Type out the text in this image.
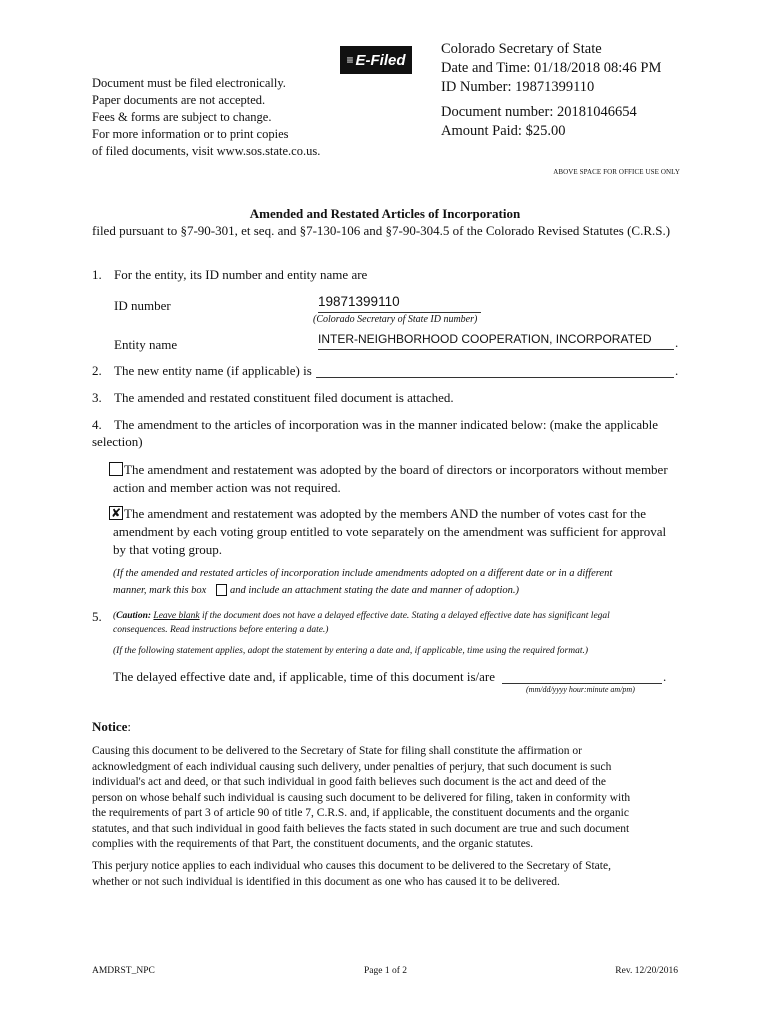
≡ E-Filed
Document must be filed electronically.
Paper documents are not accepted.
Fees & forms are subject to change.
For more information or to print copies
of filed documents, visit www.sos.state.co.us.
Colorado Secretary of State
Date and Time: 01/18/2018 08:46 PM
ID Number: 19871399110
Document number: 20181046654
Amount Paid: $25.00
ABOVE SPACE FOR OFFICE USE ONLY
Amended and Restated Articles of Incorporation
filed pursuant to §7-90-301, et seq. and §7-130-106 and §7-90-304.5 of the Colorado Revised Statutes (C.R.S.)
1. For the entity, its ID number and entity name are
ID number	19871399110
(Colorado Secretary of State ID number)
Entity name	INTER-NEIGHBORHOOD COOPERATION, INCORPORATED	.
2. The new entity name (if applicable) is	.
3. The amended and restated constituent filed document is attached.
4. The amendment to the articles of incorporation was in the manner indicated below: (make the applicable
selection)
The amendment and restatement was adopted by the board of directors or incorporators without member
action and member action was not required.
✘ The amendment and restatement was adopted by the members AND the number of votes cast for the
amendment by each voting group entitled to vote separately on the amendment was sufficient for approval
by that voting group.
(If the amended and restated articles of incorporation include amendments adopted on a different date or in a different
manner, mark this box and include an attachment stating the date and manner of adoption.)
5. (Caution: Leave blank if the document does not have a delayed effective date. Stating a delayed effective date has significant legal
consequences. Read instructions before entering a date.)
(If the following statement applies, adopt the statement by entering a date and, if applicable, time using the required format.)
The delayed effective date and, if applicable, time of this document is/are	.
(mm/dd/yyyy hour:minute am/pm)
Notice:
Causing this document to be delivered to the Secretary of State for filing shall constitute the affirmation or
acknowledgment of each individual causing such delivery, under penalties of perjury, that such document is such
individual's act and deed, or that such individual in good faith believes such document is the act and deed of the
person on whose behalf such individual is causing such document to be delivered for filing, taken in conformity with
the requirements of part 3 of article 90 of title 7, C.R.S. and, if applicable, the constituent documents and the organic
statutes, and that such individual in good faith believes the facts stated in such document are true and such document
complies with the requirements of that Part, the constituent documents, and the organic statutes.
This perjury notice applies to each individual who causes this document to be delivered to the Secretary of State,
whether or not such individual is identified in this document as one who has caused it to be delivered.
AMDRST_NPC	Page 1 of 2	Rev. 12/20/2016
